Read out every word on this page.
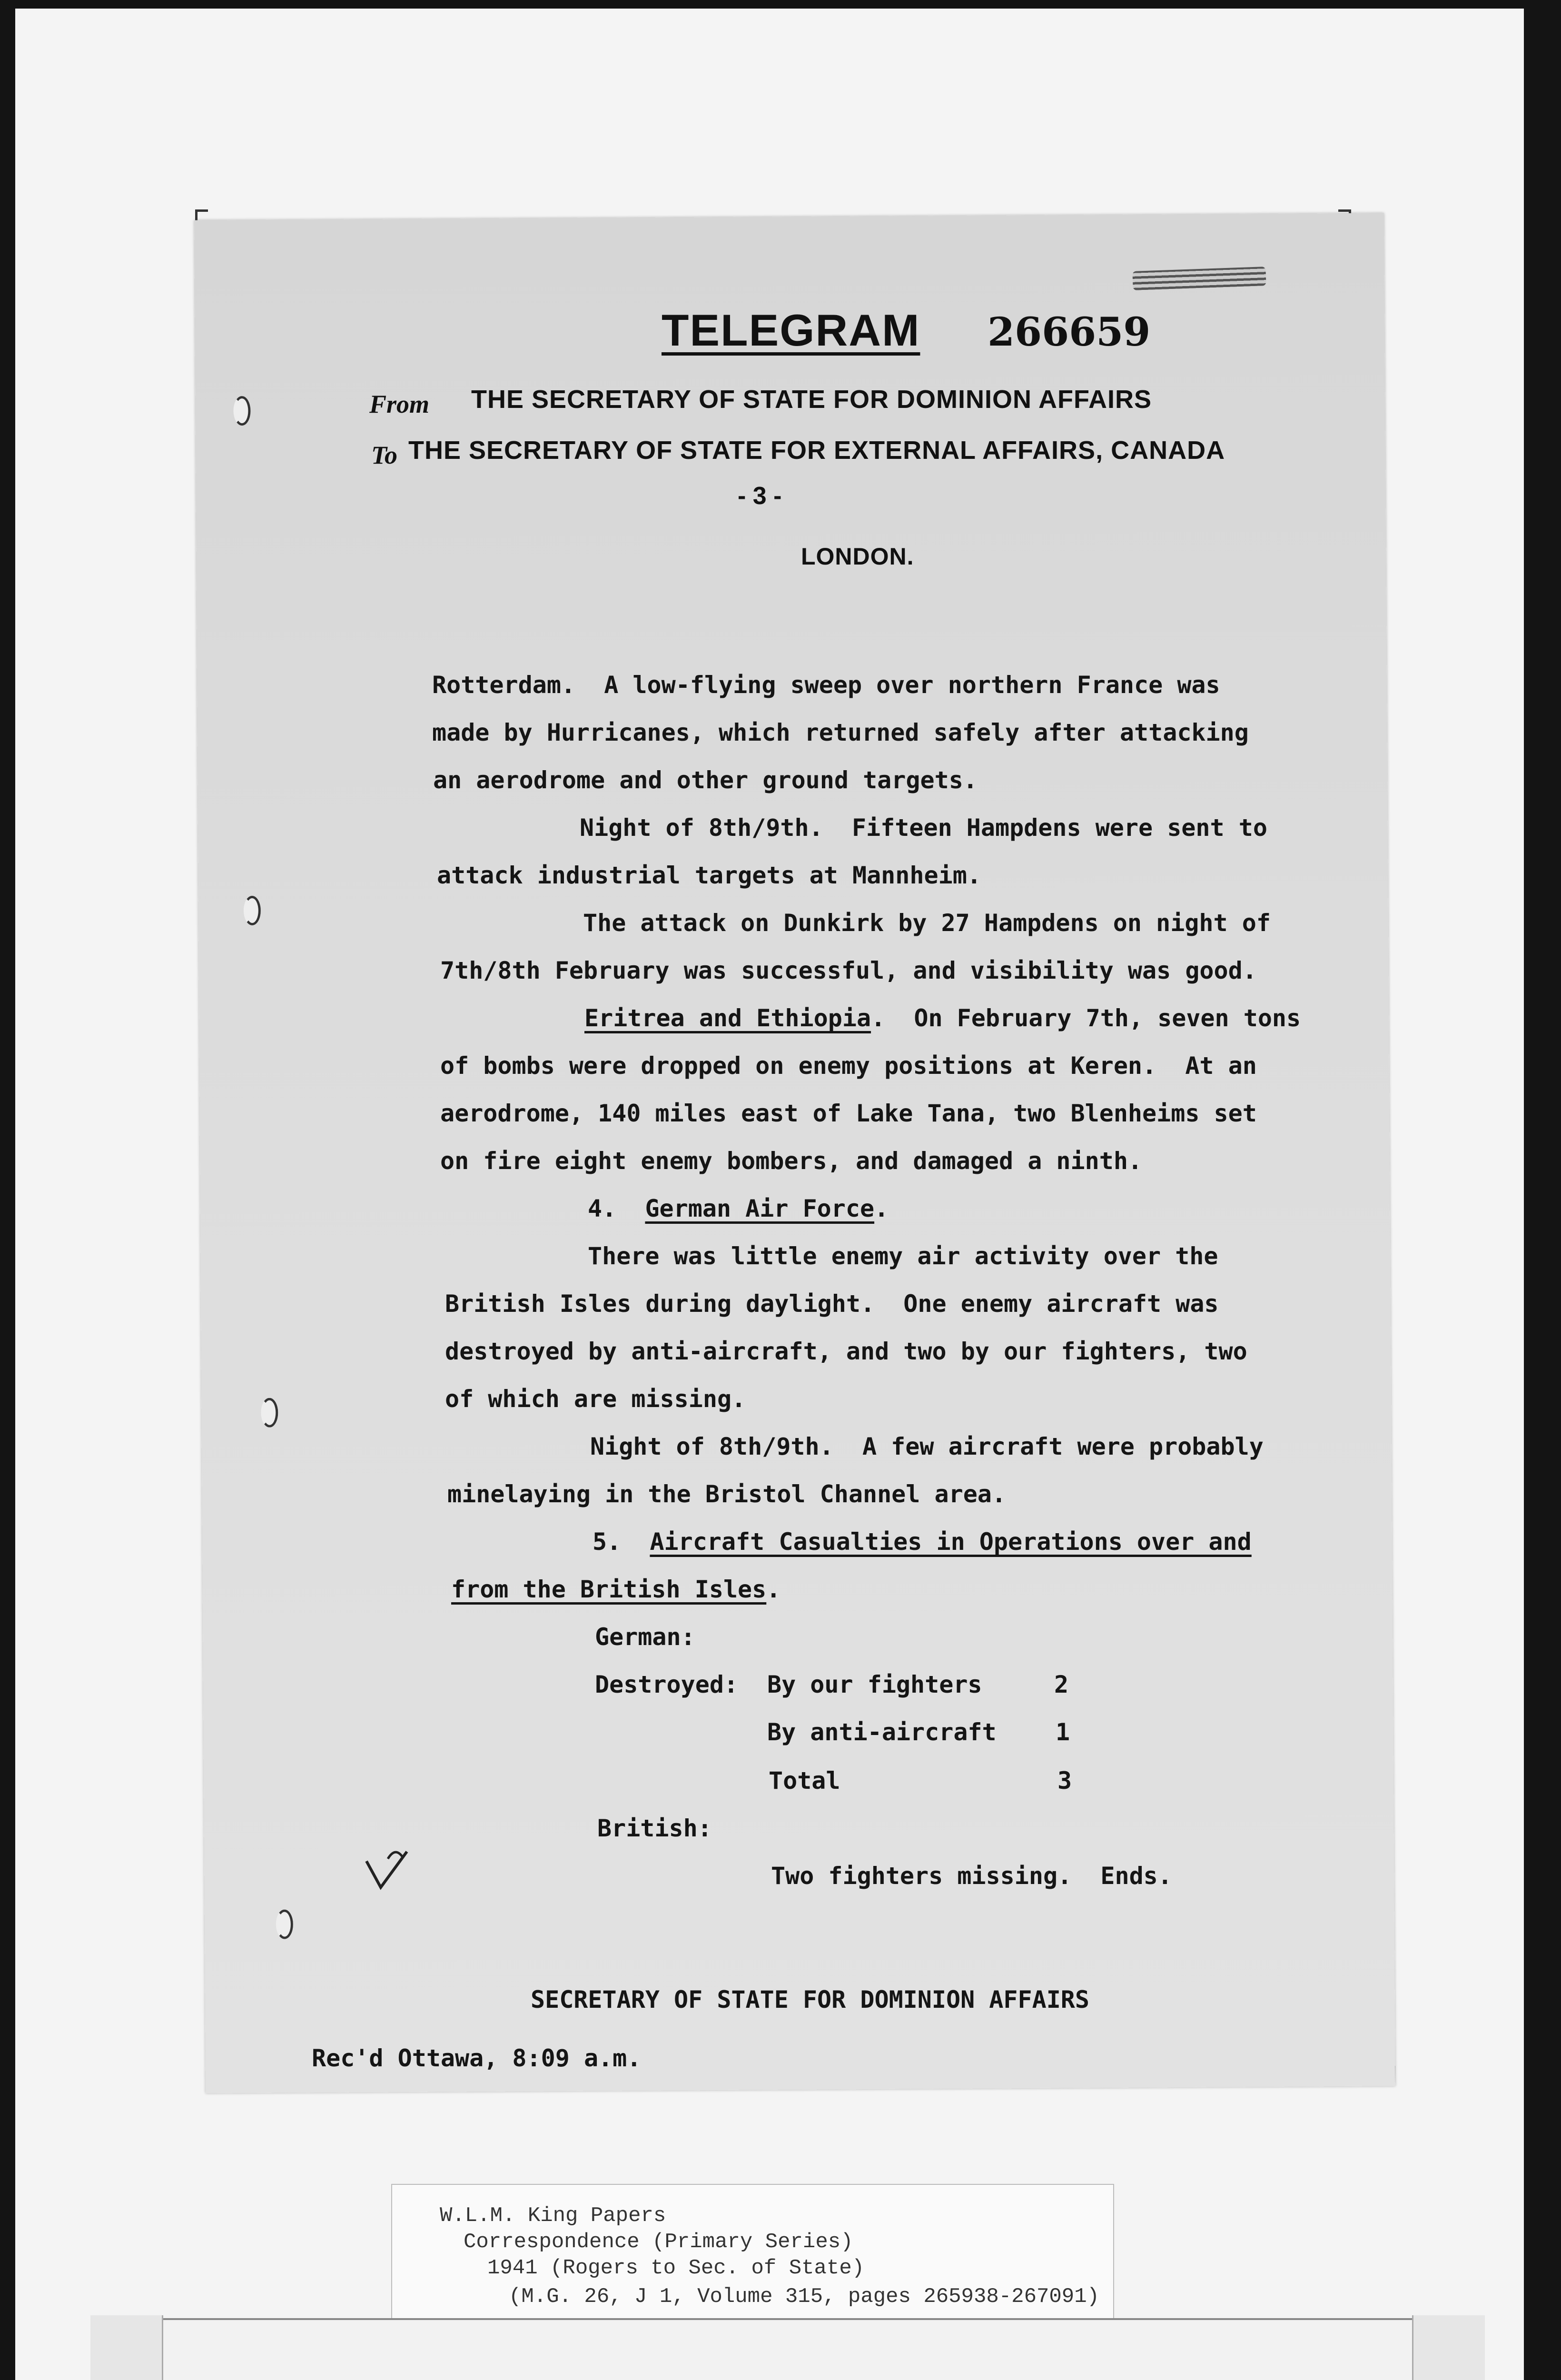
TELEGRAM 266659
From THE SECRETARY OF STATE FOR DOMINION AFFAIRS
To THE SECRETARY OF STATE FOR EXTERNAL AFFAIRS, CANADA
- 3 -
LONDON.
Rotterdam.  A low-flying sweep over northern France was
made by Hurricanes, which returned safely after attacking
an aerodrome and other ground targets.
Night of 8th/9th.  Fifteen Hampdens were sent to
attack industrial targets at Mannheim.
The attack on Dunkirk by 27 Hampdens on night of
7th/8th February was successful, and visibility was good.
Eritrea and Ethiopia.  On February 7th, seven tons
of bombs were dropped on enemy positions at Keren.  At an
aerodrome, 140 miles east of Lake Tana, two Blenheims set
on fire eight enemy bombers, and damaged a ninth.
4. German Air Force.
There was little enemy air activity over the
British Isles during daylight.  One enemy aircraft was
destroyed by anti-aircraft, and two by our fighters, two
of which are missing.
Night of 8th/9th.  A few aircraft were probably
minelaying in the Bristol Channel area.
5. Aircraft Casualties in Operations over and
from the British Isles.
German:
Destroyed: By our fighters	2
By anti-aircraft 1
Total	3
British:
Two fighters missing.  Ends.
SECRETARY OF STATE FOR DOMINION AFFAIRS
Rec'd Ottawa, 8:09 a.m.
W.L.M. King Papers
Correspondence (Primary Series)
1941 (Rogers to Sec. of State)
(M.G. 26, J 1, Volume 315, pages 265938-267091)
